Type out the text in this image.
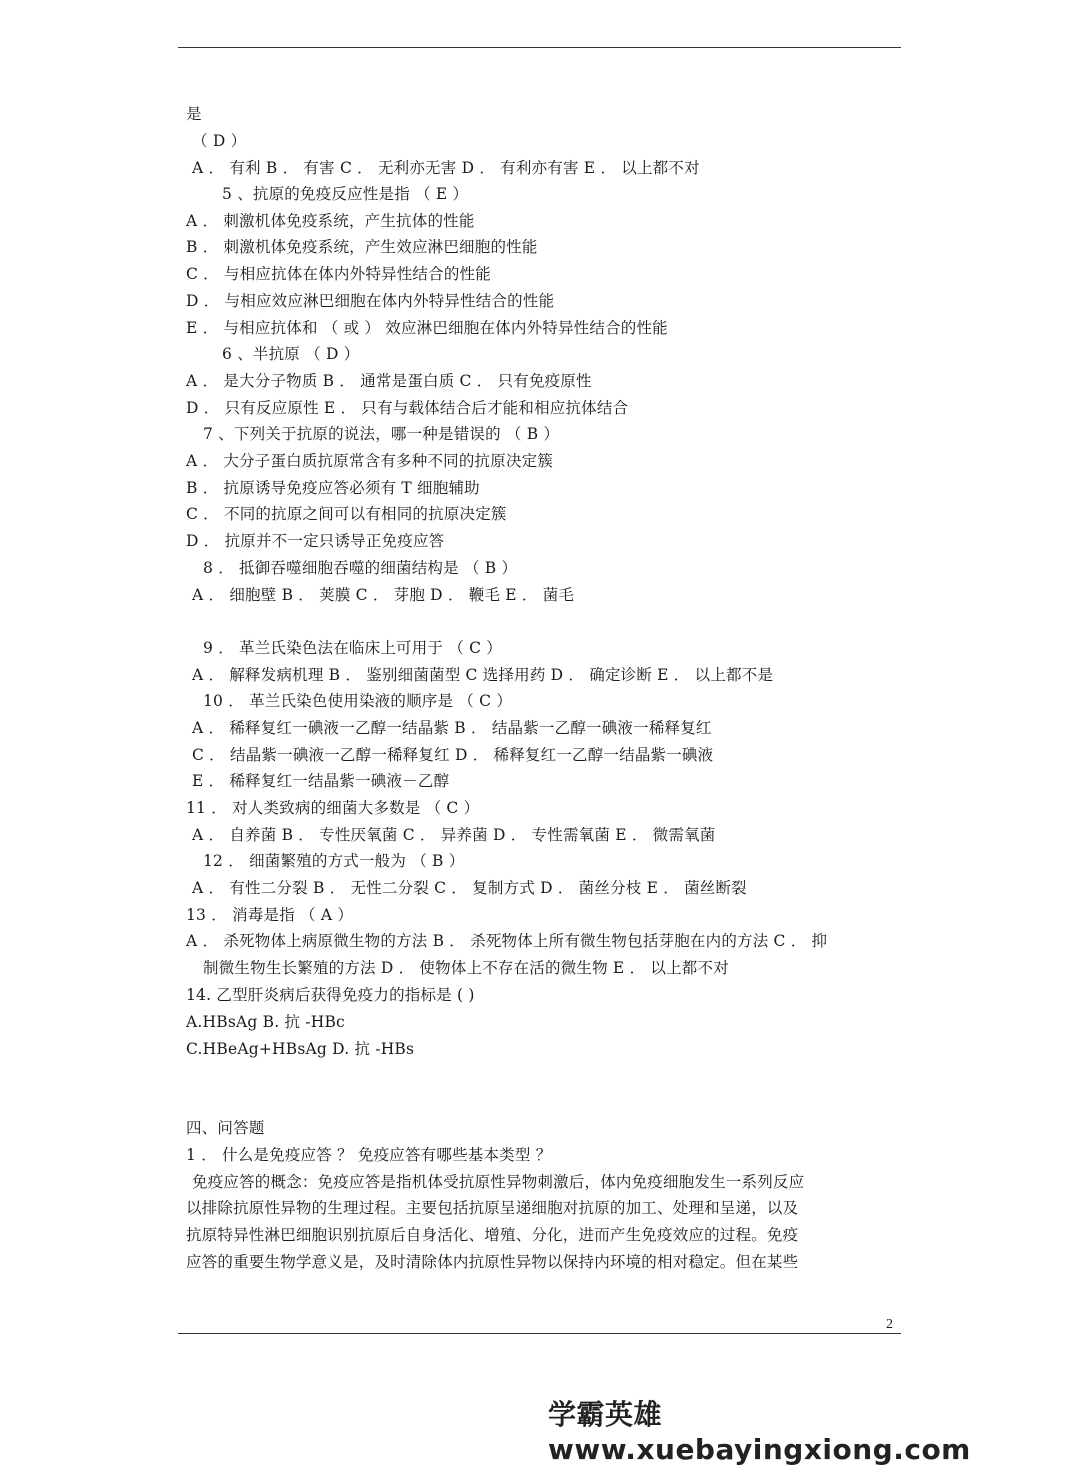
是
（ D ）
A ． 有利 B ． 有害 C ． 无利亦无害 D ． 有利亦有害 E ． 以上都不对
5 、抗原的免疫反应性是指 （ E ）
A ． 刺激机体免疫系统，产生抗体的性能
B ． 刺激机体免疫系统，产生效应淋巴细胞的性能
C ． 与相应抗体在体内外特异性结合的性能
D ． 与相应效应淋巴细胞在体内外特异性结合的性能
E ． 与相应抗体和 （ 或 ） 效应淋巴细胞在体内外特异性结合的性能
6 、半抗原 （ D ）
A ． 是大分子物质 B ． 通常是蛋白质 C ． 只有免疫原性
D ． 只有反应原性 E ． 只有与载体结合后才能和相应抗体结合
7 、下列关于抗原的说法，哪一种是错误的 （ B ）
A ． 大分子蛋白质抗原常含有多种不同的抗原决定簇
B ． 抗原诱导免疫应答必须有 T 细胞辅助
C ． 不同的抗原之间可以有相同的抗原决定簇
D ． 抗原并不一定只诱导正免疫应答
8 ． 抵御吞噬细胞吞噬的细菌结构是 （ B ）
A ． 细胞壁 B ． 荚膜 C ． 芽胞 D ． 鞭毛 E ． 菌毛
9 ． 革兰氏染色法在临床上可用于 （ C ）
A ． 解释发病机理 B ． 鉴别细菌菌型 C 选择用药 D ． 确定诊断 E ． 以上都不是
10 ． 革兰氏染色使用染液的顺序是 （ C ）
A ． 稀释复红一碘液一乙醇一结晶紫 B ． 结晶紫一乙醇一碘液一稀释复红
C ． 结晶紫一碘液一乙醇一稀释复红 D ． 稀释复红一乙醇一结晶紫一碘液
E ． 稀释复红一结晶紫一碘液－乙醇
11 ． 对人类致病的细菌大多数是 （ C ）
A ． 自养菌 B ． 专性厌氧菌 C ． 异养菌 D ． 专性需氧菌 E ． 微需氧菌
12 ． 细菌繁殖的方式一般为 （ B ）
A ． 有性二分裂 B ． 无性二分裂 C ． 复制方式 D ． 菌丝分枝 E ． 菌丝断裂
13 ． 消毒是指 （ A ）
A ． 杀死物体上病原微生物的方法 B ． 杀死物体上所有微生物包括芽胞在内的方法 C ． 抑
制微生物生长繁殖的方法 D ． 使物体上不存在活的微生物 E ． 以上都不对
14. 乙型肝炎病后获得免疫力的指标是 ( )
A.HBsAg B. 抗 -HBc
C.HBeAg+HBsAg D. 抗 -HBs
四、问答题
1 ． 什么是免疫应答 ？ 免疫应答有哪些基本类型 ？
免疫应答的概念：免疫应答是指机体受抗原性异物刺激后，体内免疫细胞发生一系列反应
以排除抗原性异物的生理过程。主要包括抗原呈递细胞对抗原的加工、处理和呈递，以及
抗原特异性淋巴细胞识别抗原后自身活化、增殖、分化，进而产生免疫效应的过程。免疫
应答的重要生物学意义是，及时清除体内抗原性异物以保持内环境的相对稳定。但在某些
2
学霸英雄 www.xuebayingxiong.com
